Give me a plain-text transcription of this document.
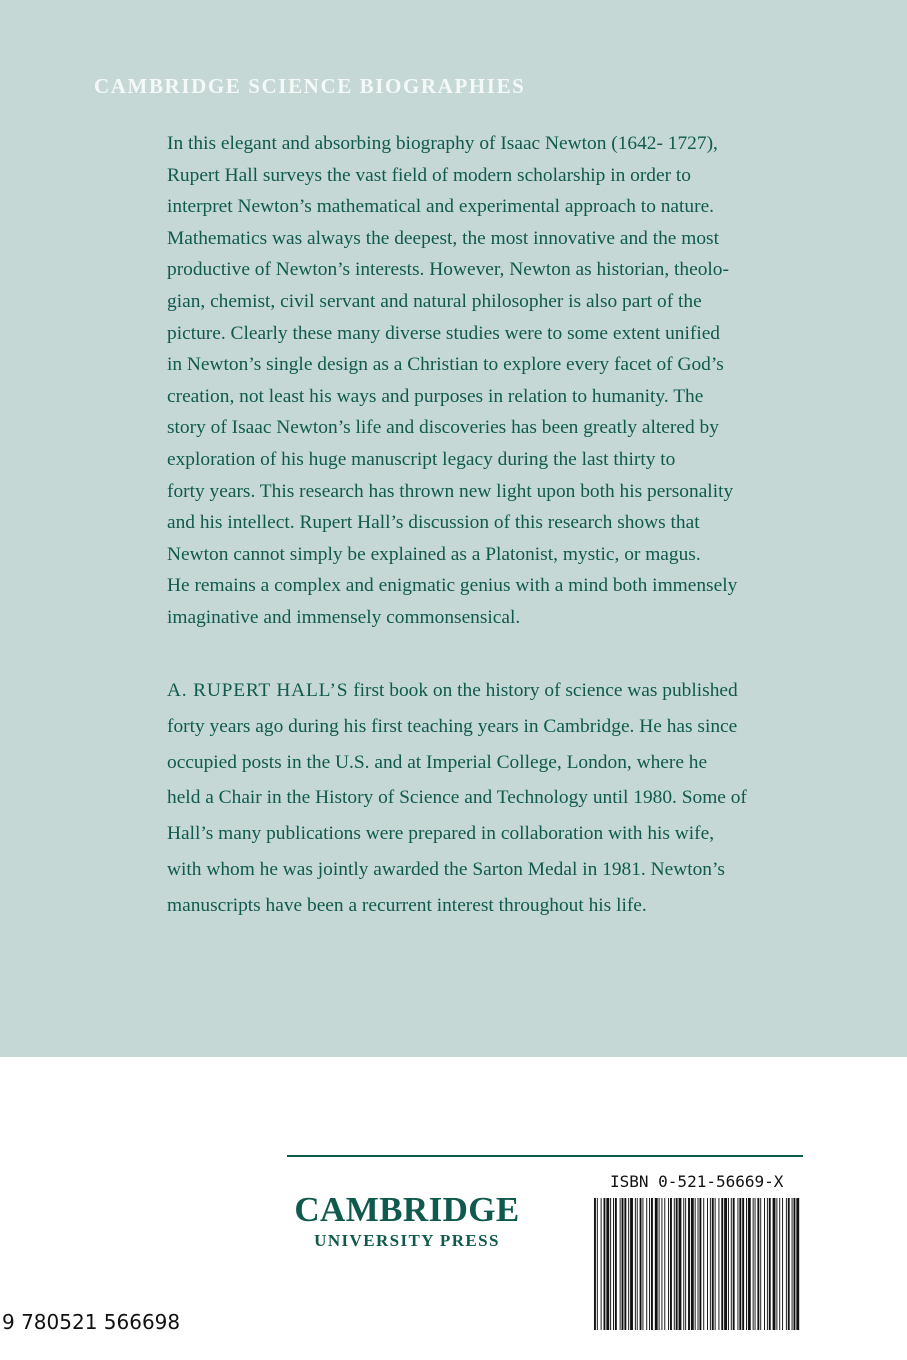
CAMBRIDGE SCIENCE BIOGRAPHIES

In this elegant and absorbing biography of Isaac Newton (1642- 1727),
Rupert Hall surveys the vast field of modern scholarship in order to
interpret Newton’s mathematical and experimental approach to nature.
Mathematics was always the deepest, the most innovative and the most
productive of Newton’s interests. However, Newton as historian, theolo-
gian, chemist, civil servant and natural philosopher is also part of the
picture. Clearly these many diverse studies were to some extent unified
in Newton’s single design as a Christian to explore every facet of God’s
creation, not least his ways and purposes in relation to humanity. The
story of Isaac Newton’s life and discoveries has been greatly altered by
exploration of his huge manuscript legacy during the last thirty to
forty years. This research has thrown new light upon both his personality
and his intellect. Rupert Hall’s discussion of this research shows that
Newton cannot simply be explained as a Platonist, mystic, or magus.
He remains a complex and enigmatic genius with a mind both immensely
imaginative and immensely commonsensical.

A. RUPERT HALL’S first book on the history of science was published
forty years ago during his first teaching years in Cambridge. He has since
occupied posts in the U.S. and at Imperial College, London, where he
held a Chair in the History of Science and Technology until 1980. Some of
Hall’s many publications were prepared in collaboration with his wife,
with whom he was jointly awarded the Sarton Medal in 1981. Newton’s
manuscripts have been a recurrent interest throughout his life.

CAMBRIDGE
UNIVERSITY PRESS
ISBN 0-521-56669-X
9 780521 566698
